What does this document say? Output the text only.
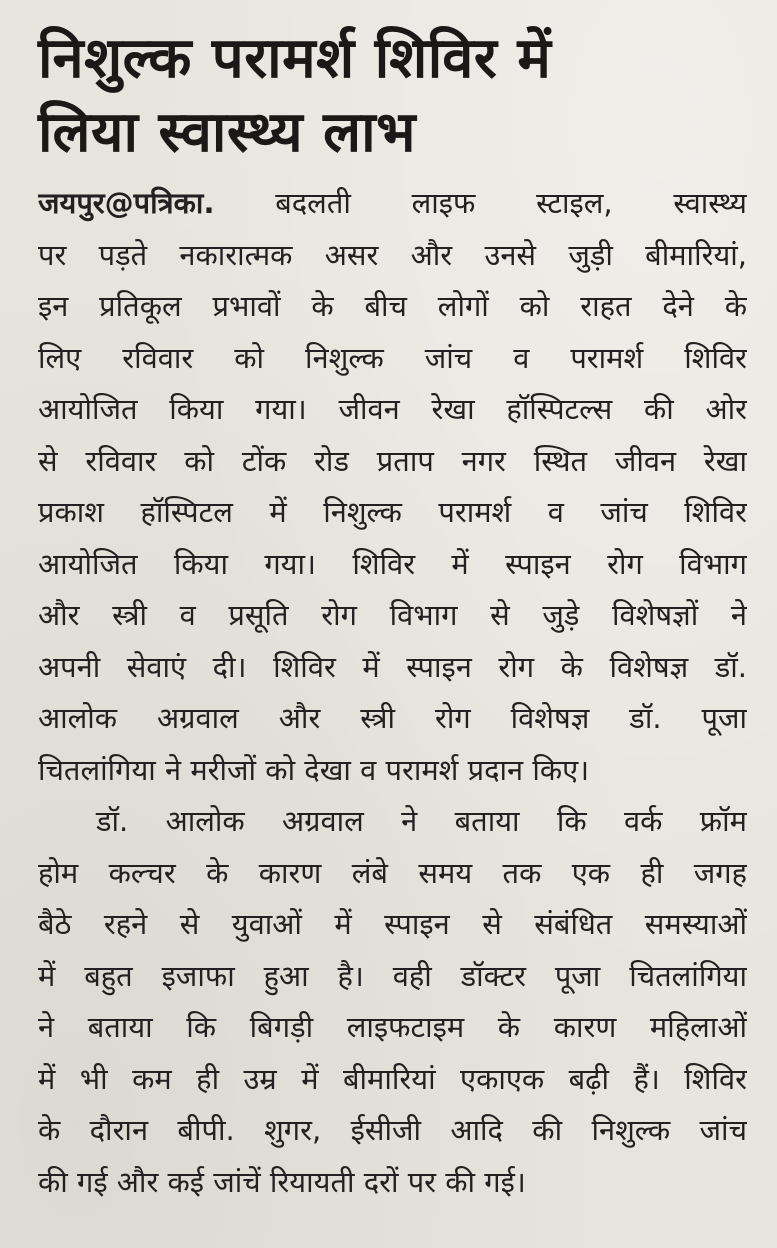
निशुल्क परामर्श शिविर में
लिया स्वास्थ्य लाभ
जयपुर@पत्रिका. बदलती लाइफ स्टाइल, स्वास्थ्य
पर पड़ते नकारात्मक असर और उनसे जुड़ी बीमारियां,
इन प्रतिकूल प्रभावों के बीच लोगों को राहत देने के
लिए रविवार को निशुल्क जांच व परामर्श शिविर
आयोजित किया गया। जीवन रेखा हॉस्पिटल्स की ओर
से रविवार को टोंक रोड प्रताप नगर स्थित जीवन रेखा
प्रकाश हॉस्पिटल में निशुल्क परामर्श व जांच शिविर
आयोजित किया गया। शिविर में स्पाइन रोग विभाग
और स्त्री व प्रसूति रोग विभाग से जुड़े विशेषज्ञों ने
अपनी सेवाएं दी। शिविर में स्पाइन रोग के विशेषज्ञ डॉ.
आलोक अग्रवाल और स्त्री रोग विशेषज्ञ डॉ. पूजा
चितलांगिया ने मरीजों को देखा व परामर्श प्रदान किए।
डॉ. आलोक अग्रवाल ने बताया कि वर्क फ्रॉम
होम कल्चर के कारण लंबे समय तक एक ही जगह
बैठे रहने से युवाओं में स्पाइन से संबंधित समस्याओं
में बहुत इजाफा हुआ है। वही डॉक्टर पूजा चितलांगिया
ने बताया कि बिगड़ी लाइफटाइम के कारण महिलाओं
में भी कम ही उम्र में बीमारियां एकाएक बढ़ी हैं। शिविर
के दौरान बीपी. शुगर, ईसीजी आदि की निशुल्क जांच
की गई और कई जांचें रियायती दरों पर की गई।
